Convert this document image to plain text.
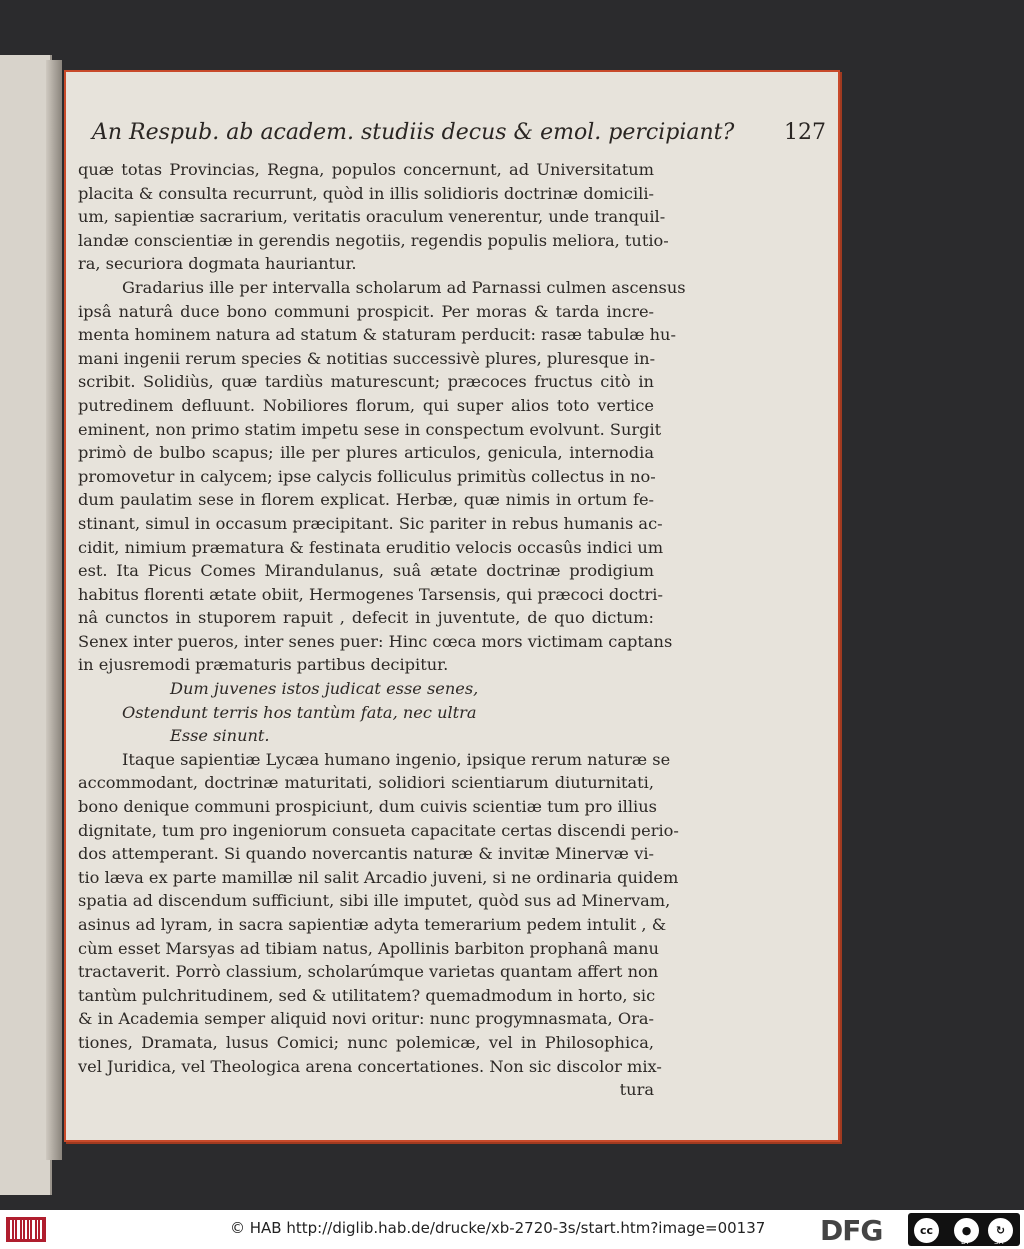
An Respub. ab academ. studiis decus & emol. percipiant? 127
quæ totas Provincias, Regna, populos concernunt, ad Universitatum
placita & consulta recurrunt, quòd in illis solidioris doctrinæ domicili-
um, sapientiæ sacrarium, veritatis oraculum venerentur, unde tranquil-
landæ conscientiæ in gerendis negotiis, regendis populis meliora, tutio-
ra, securiora dogmata hauriantur.
Gradarius ille per intervalla scholarum ad Parnassi culmen ascensus
ipsâ naturâ duce bono communi prospicit. Per moras & tarda incre-
menta hominem natura ad statum & staturam perducit: rasæ tabulæ hu-
mani ingenii rerum species & notitias successivè plures, pluresque in-
scribit. Solidiùs, quæ tardiùs maturescunt; præcoces fructus citò in
putredinem defluunt. Nobiliores florum, qui super alios toto vertice
eminent, non primo statim impetu sese in conspectum evolvunt. Surgit
primò de bulbo scapus; ille per plures articulos, genicula, internodia
promovetur in calycem; ipse calycis folliculus primitùs collectus in no-
dum paulatim sese in florem explicat. Herbæ, quæ nimis in ortum fe-
stinant, simul in occasum præcipitant. Sic pariter in rebus humanis ac-
cidit, nimium præmatura & festinata eruditio velocis occasûs indici um
est. Ita Picus Comes Mirandulanus, suâ ætate doctrinæ prodigium
habitus florenti ætate obiit, Hermogenes Tarsensis, qui præcoci doctri-
nâ cunctos in stuporem rapuit , defecit in juventute, de quo dictum:
Senex inter pueros, inter senes puer: Hinc cœca mors victimam captans
in ejusremodi præmaturis partibus decipitur.
Dum juvenes istos judicat esse senes,
Ostendunt terris hos tantùm fata, nec ultra
Esse sinunt.
Itaque sapientiæ Lycæa humano ingenio, ipsique rerum naturæ se
accommodant, doctrinæ maturitati, solidiori scientiarum diuturnitati,
bono denique communi prospiciunt, dum cuivis scientiæ tum pro illius
dignitate, tum pro ingeniorum consueta capacitate certas discendi perio-
dos attemperant. Si quando novercantis naturæ & invitæ Minervæ vi-
tio læva ex parte mamillæ nil salit Arcadio juveni, si ne ordinaria quidem
spatia ad discendum sufficiunt, sibi ille imputet, quòd sus ad Minervam,
asinus ad lyram, in sacra sapientiæ adyta temerarium pedem intulit , &
cùm esset Marsyas ad tibiam natus, Apollinis barbiton prophanâ manu
tractaverit. Porrò classium, scholarúmque varietas quantam affert non
tantùm pulchritudinem, sed & utilitatem? quemadmodum in horto, sic
& in Academia semper aliquid novi oritur: nunc progymnasmata, Ora-
tiones, Dramata, lusus Comici; nunc polemicæ, vel in Philosophica,
vel Juridica, vel Theologica arena concertationes. Non sic discolor mix-
tura
© HAB http://diglib.hab.de/drucke/xb-2720-3s/start.htm?image=00137 DFG	cc	●	↻
BY	SA
